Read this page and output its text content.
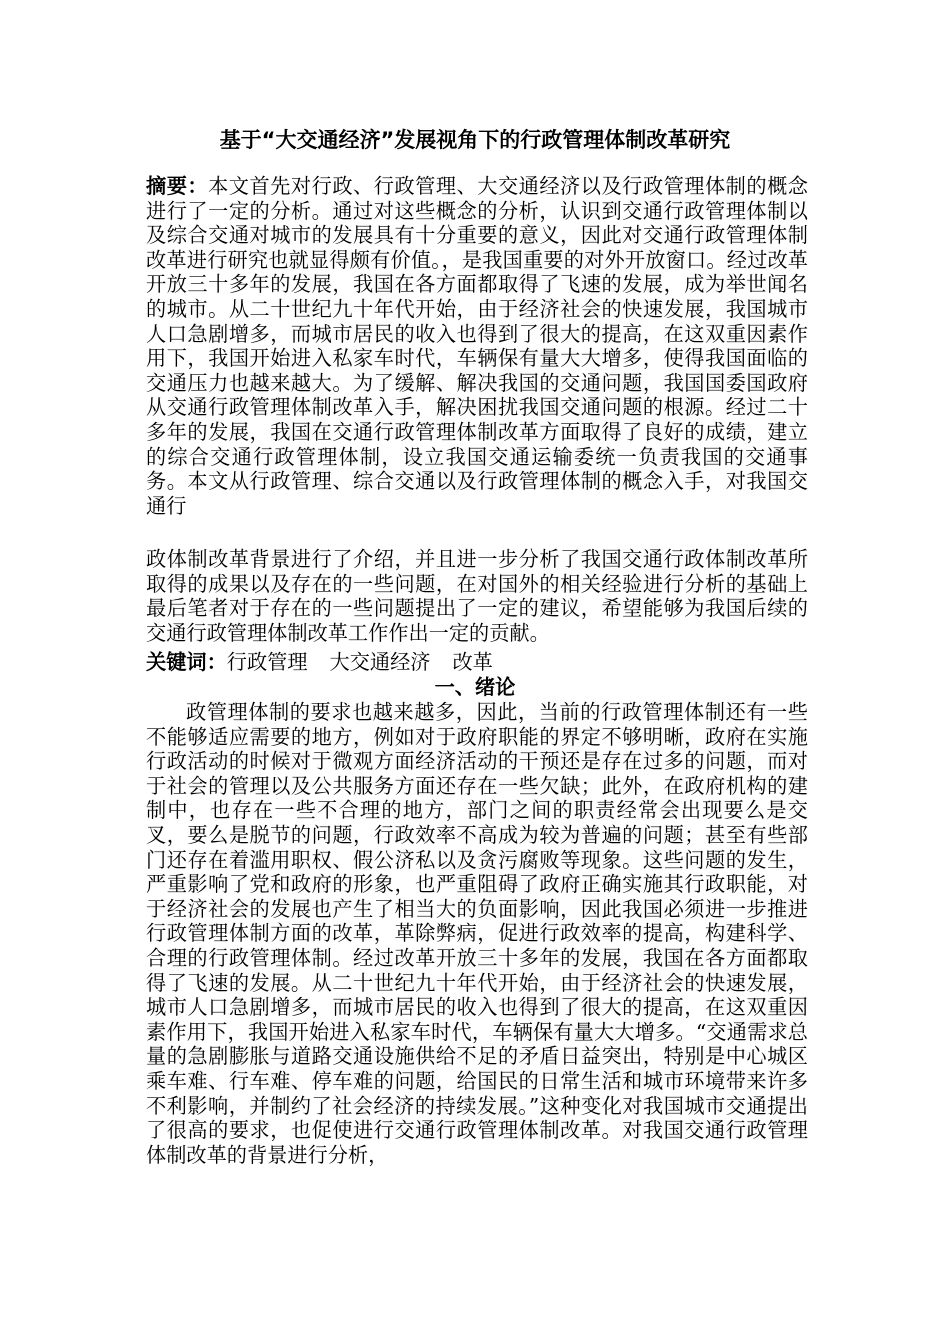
基于“大交通经济”发展视角下的行政管理体制改革研究

摘要：本文首先对行政、行政管理、大交通经济以及行政管理体制的概念进行了一定的分析。通过对这些概念的分析，认识到交通行政管理体制以及综合交通对城市的发展具有十分重要的意义，因此对交通行政管理体制改革进行研究也就显得颇有价值。，是我国重要的对外开放窗口。经过改革开放三十多年的发展，我国在各方面都取得了飞速的发展，成为举世闻名的城市。从二十世纪九十年代开始，由于经济社会的快速发展，我国城市人口急剧增多，而城市居民的收入也得到了很大的提高，在这双重因素作用下，我国开始进入私家车时代，车辆保有量大大增多，使得我国面临的交通压力也越来越大。为了缓解、解决我国的交通问题，我国国委国政府从交通行政管理体制改革入手，解决困扰我国交通问题的根源。经过二十多年的发展，我国在交通行政管理体制改革方面取得了良好的成绩，建立的综合交通行政管理体制，设立我国交通运输委统一负责我国的交通事务。本文从行政管理、综合交通以及行政管理体制的概念入手，对我国交通行

政体制改革背景进行了介绍，并且进一步分析了我国交通行政体制改革所取得的成果以及存在的一些问题，在对国外的相关经验进行分析的基础上最后笔者对于存在的一些问题提出了一定的建议，希望能够为我国后续的交通行政管理体制改革工作作出一定的贡献。

关键词：行政管理 大交通经济 改革
一、绪论

政管理体制的要求也越来越多，因此，当前的行政管理体制还有一些不能够适应需要的地方，例如对于政府职能的界定不够明晰，政府在实施行政活动的时候对于微观方面经济活动的干预还是存在过多的问题，而对于社会的管理以及公共服务方面还存在一些欠缺；此外，在政府机构的建制中，也存在一些不合理的地方，部门之间的职责经常会出现要么是交叉，要么是脱节的问题，行政效率不高成为较为普遍的问题；甚至有些部门还存在着滥用职权、假公济私以及贪污腐败等现象。这些问题的发生，严重影响了党和政府的形象，也严重阻碍了政府正确实施其行政职能，对于经济社会的发展也产生了相当大的负面影响，因此我国必须进一步推进行政管理体制方面的改革，革除弊病，促进行政效率的提高，构建科学、合理的行政管理体制。经过改革开放三十多年的发展，我国在各方面都取得了飞速的发展。从二十世纪九十年代开始，由于经济社会的快速发展，城市人口急剧增多，而城市居民的收入也得到了很大的提高，在这双重因素作用下，我国开始进入私家车时代，车辆保有量大大增多。“交通需求总量的急剧膨胀与道路交通设施供给不足的矛盾日益突出，特别是中心城区乘车难、行车难、停车难的问题，给国民的日常生活和城市环境带来许多不利影响，并制约了社会经济的持续发展。”这种变化对我国城市交通提出了很高的要求，也促使进行交通行政管理体制改革。对我国交通行政管理体制改革的背景进行分析，
